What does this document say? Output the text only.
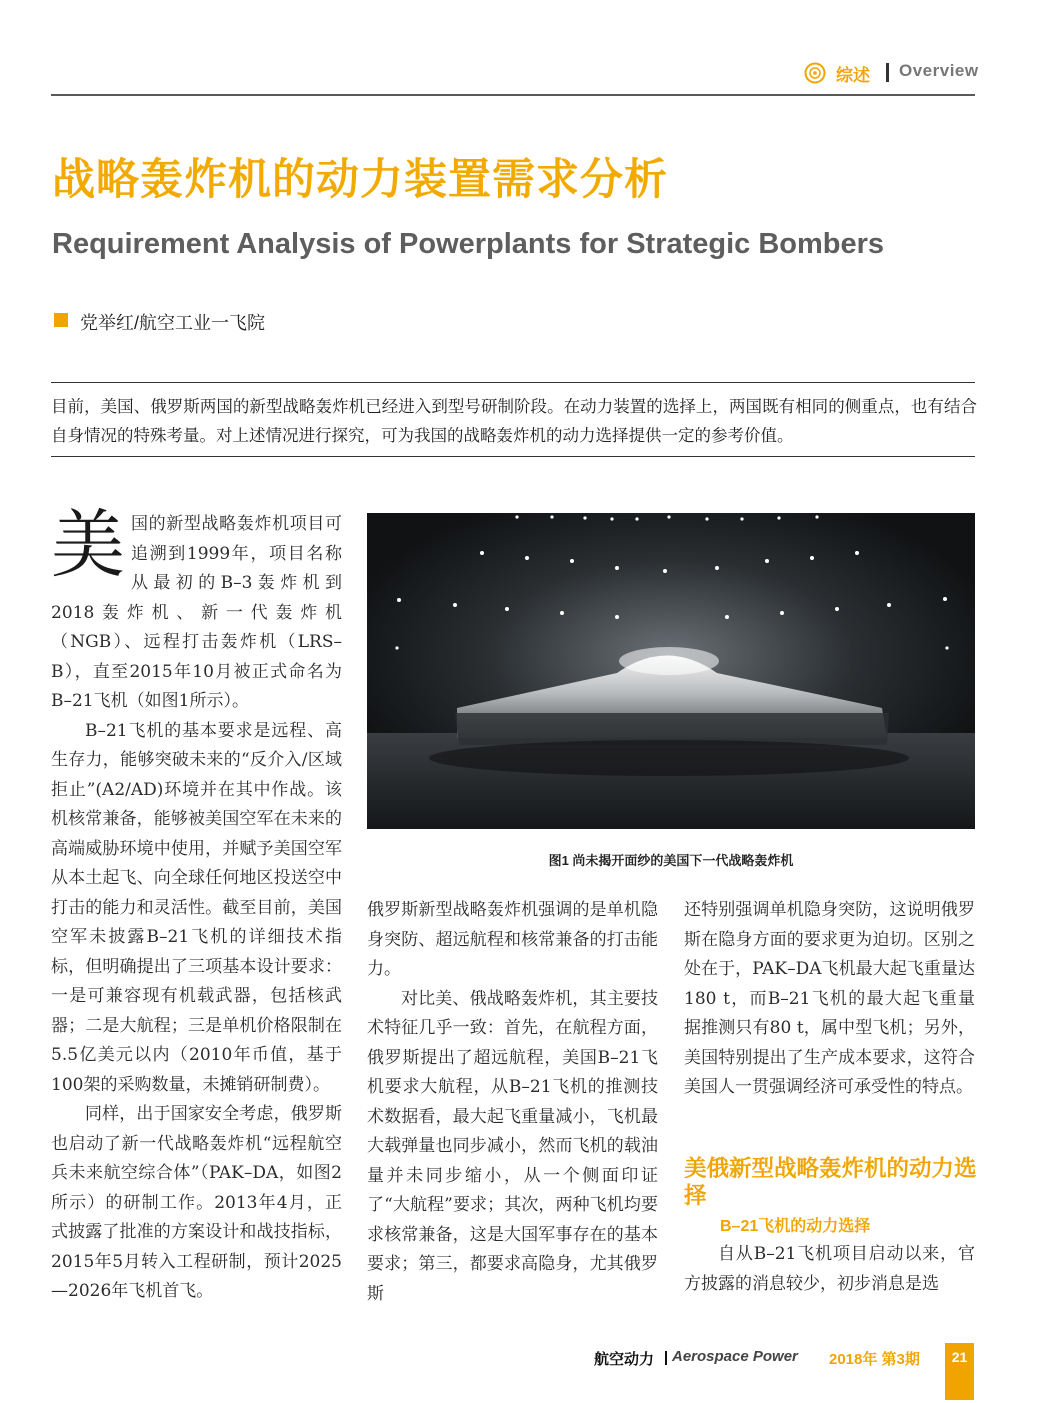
综述 Overview
战略轰炸机的动力装置需求分析
Requirement Analysis of Powerplants for Strategic Bombers
党举红/航空工业一飞院
目前，美国、俄罗斯两国的新型战略轰炸机已经进入到型号研制阶段。在动力装置的选择上，两国既有相同的侧重点，也有结合自身情况的特殊考量。对上述情况进行探究，可为我国的战略轰炸机的动力选择提供一定的参考价值。

美国的新型战略轰炸机项目可追溯到1999年，项目名称从最初的B–3轰炸机到2018轰炸机、新一代轰炸机（NGB）、远程打击轰炸机（LRS–B），直至2015年10月被正式命名为B–21飞机（如图1所示）。

B–21飞机的基本要求是远程、高生存力，能够突破未来的“反介入/区域拒止”(A2/AD)环境并在其中作战。该机核常兼备，能够被美国空军在未来的高端威胁环境中使用，并赋予美国空军从本土起飞、向全球任何地区投送空中打击的能力和灵活性。截至目前，美国空军未披露B–21飞机的详细技术指标，但明确提出了三项基本设计要求：一是可兼容现有机载武器，包括核武器；二是大航程；三是单机价格限制在5.5亿美元以内（2010年币值，基于100架的采购数量，未摊销研制费）。

同样，出于国家安全考虑，俄罗斯也启动了新一代战略轰炸机“远程航空兵未来航空综合体”（PAK–DA，如图2所示）的研制工作。2013年4月，正式披露了批准的方案设计和战技指标，2015年5月转入工程研制，预计2025—2026年飞机首飞。

图1 尚未揭开面纱的美国下一代战略轰炸机

俄罗斯新型战略轰炸机强调的是单机隐身突防、超远航程和核常兼备的打击能力。

对比美、俄战略轰炸机，其主要技术特征几乎一致：首先，在航程方面，俄罗斯提出了超远航程，美国B–21飞机要求大航程，从B–21飞机的推测技术数据看，最大起飞重量减小，飞机最大载弹量也同步减小，然而飞机的载油量并未同步缩小，从一个侧面印证了“大航程”要求；其次，两种飞机均要求核常兼备，这是大国军事存在的基本要求；第三，都要求高隐身，尤其俄罗斯

还特别强调单机隐身突防，这说明俄罗斯在隐身方面的要求更为迫切。区别之处在于，PAK–DA飞机最大起飞重量达180 t，而B–21飞机的最大起飞重量据推测只有80 t，属中型飞机；另外，美国特别提出了生产成本要求，这符合美国人一贯强调经济可承受性的特点。

美俄新型战略轰炸机的动力选择
B–21飞机的动力选择

自从B–21飞机项目启动以来，官方披露的消息较少，初步消息是选

航空动力 Aerospace Power 2018年 第3期	21
